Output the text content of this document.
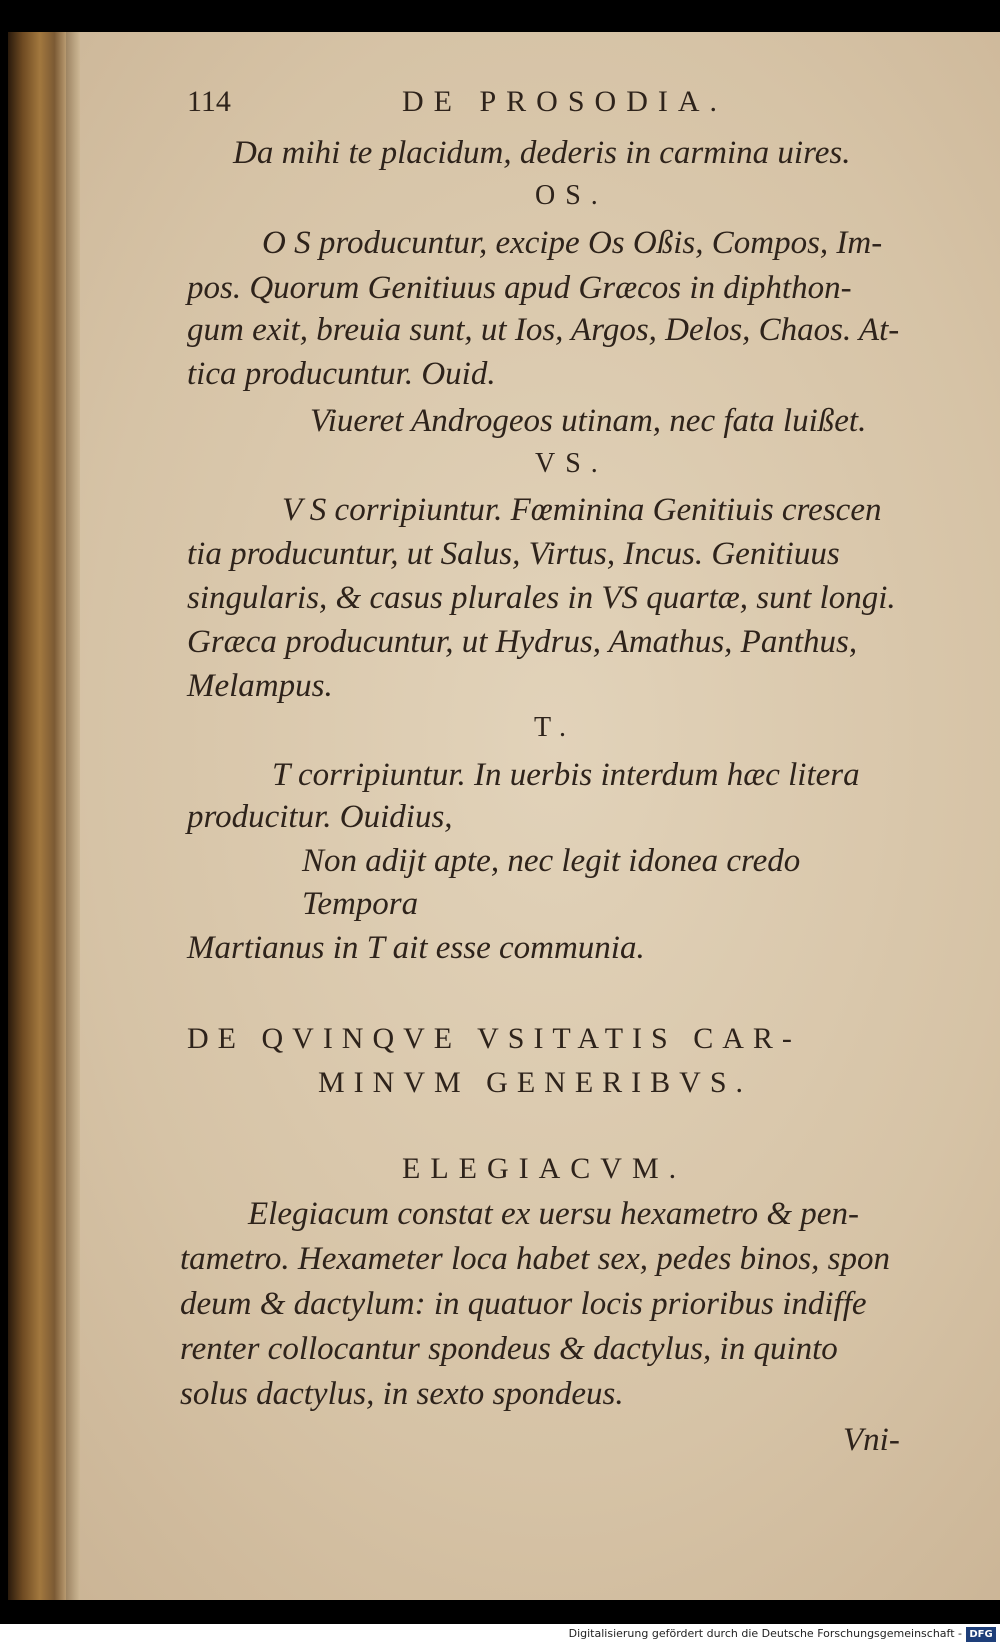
114	DE PROSODIA.
Da mihi te placidum, dederis in carmina uires.
OS.
O S producuntur, excipe Os Oßis, Compos, Im-
pos. Quorum Genitiuus apud Græcos in diphthon-
gum exit, breuia sunt, ut Ios, Argos, Delos, Chaos. At-
tica producuntur. Ouid.
Viueret Androgeos utinam, nec fata luißet.
VS.
V S corripiuntur. Fœminina Genitiuis crescen
tia producuntur, ut Salus, Virtus, Incus. Genitiuus
singularis, & casus plurales in VS quartæ, sunt longi.
Græca producuntur, ut Hydrus, Amathus, Panthus,
Melampus.
T.
T corripiuntur. In uerbis interdum hæc litera
producitur. Ouidius,
Non adijt apte, nec legit idonea credo
Tempora
Martianus in T ait esse communia.
DE QVINQVE VSITATIS CAR-
MINVM GENERIBVS.
ELEGIACVM.
Elegiacum constat ex uersu hexametro & pen-
tametro. Hexameter loca habet sex, pedes binos, spon
deum & dactylum: in quatuor locis prioribus indiffe
renter collocantur spondeus & dactylus, in quinto
solus dactylus, in sexto spondeus.
Vni-
Digitalisierung gefördert durch die Deutsche Forschungsgemeinschaft - DFG
